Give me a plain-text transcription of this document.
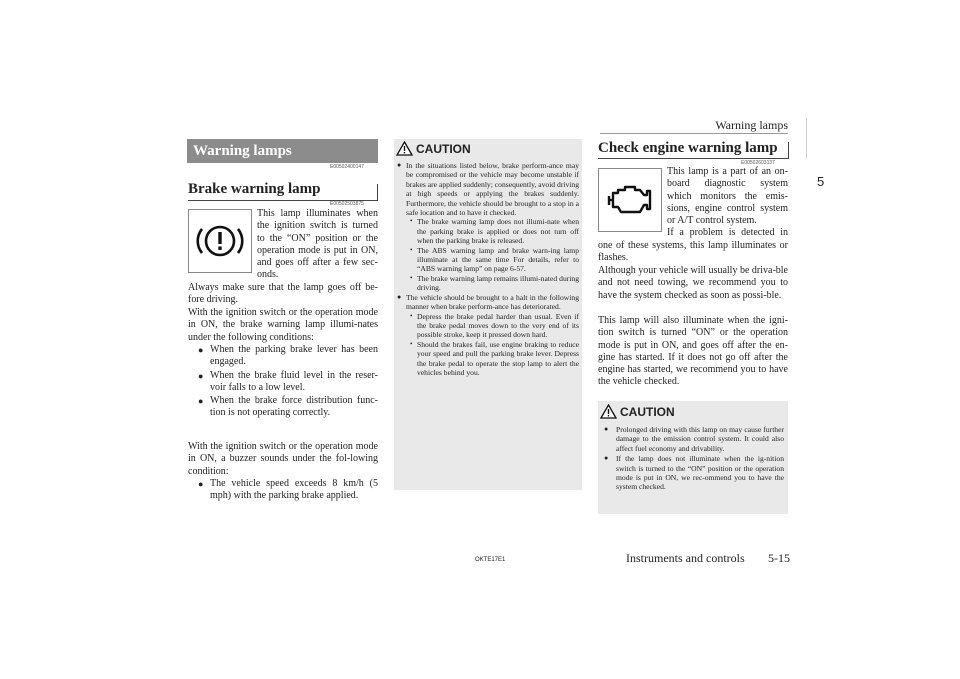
Warning lamps
5
Warning lamps
E00502400147
Brake warning lamp
E00502503875
This lamp illuminates when
the ignition switch is turned
to the “ON” position or the
operation mode is put in ON,
and goes off after a few sec-
onds.
Always make sure that the lamp goes off be-fore driving.
With the ignition switch or the operation mode in ON, the brake warning lamp illumi-nates under the following conditions:
● When the parking brake lever has been engaged.
● When the brake fluid level in the reser-voir falls to a low level.
● When the brake force distribution func-tion is not operating correctly.
With the ignition switch or the operation mode in ON, a buzzer sounds under the fol-lowing condition:
● The vehicle speed exceeds 8 km/h (5 mph) with the parking brake applied.
CAUTION
● In the situations listed below, brake perform-ance may be compromised or the vehicle may become unstable if brakes are applied suddenly; consequently, avoid driving at high speeds or applying the brakes suddenly. Furthermore, the vehicle should be brought to a stop in a safe location and to have it checked.
• The brake warning lamp does not illumi-nate when the parking brake is applied or does not turn off when the parking brake is released.
• The ABS warning lamp and brake warn-ing lamp illuminate at the same time For details, refer to “ABS warning lamp” on page 6-57.
• The brake warning lamp remains illumi-nated during driving.
● The vehicle should be brought to a halt in the following manner when brake perform-ance has deteriorated.
• Depress the brake pedal harder than usual. Even if the brake pedal moves down to the very end of its possible stroke, keep it pressed down hard.
• Should the brakes fail, use engine braking to reduce your speed and pull the parking brake lever. Depress the brake pedal to operate the stop lamp to alert the vehicles behind you.
Check engine warning lamp
E00502603137
This lamp is a part of an on-
board diagnostic system
which monitors the emis-
sions, engine control system
or A/T control system.
If a problem is detected in
one of these systems, this lamp illuminates or flashes.
Although your vehicle will usually be driva-ble and not need towing, we recommend you to have the system checked as soon as possi-ble.
This lamp will also illuminate when the igni-tion switch is turned “ON” or the operation mode is put in ON, and goes off after the en-gine has started. If it does not go off after the engine has started, we recommend you to have the vehicle checked.
CAUTION
● Prolonged driving with this lamp on may cause further damage to the emission control system. It could also affect fuel economy and drivability.
● If the lamp does not illuminate when the ig-nition switch is turned to the “ON” position or the operation mode is put in ON, we rec-ommend you to have the system checked.
OKTE17E1	Instruments and controls 5-15
